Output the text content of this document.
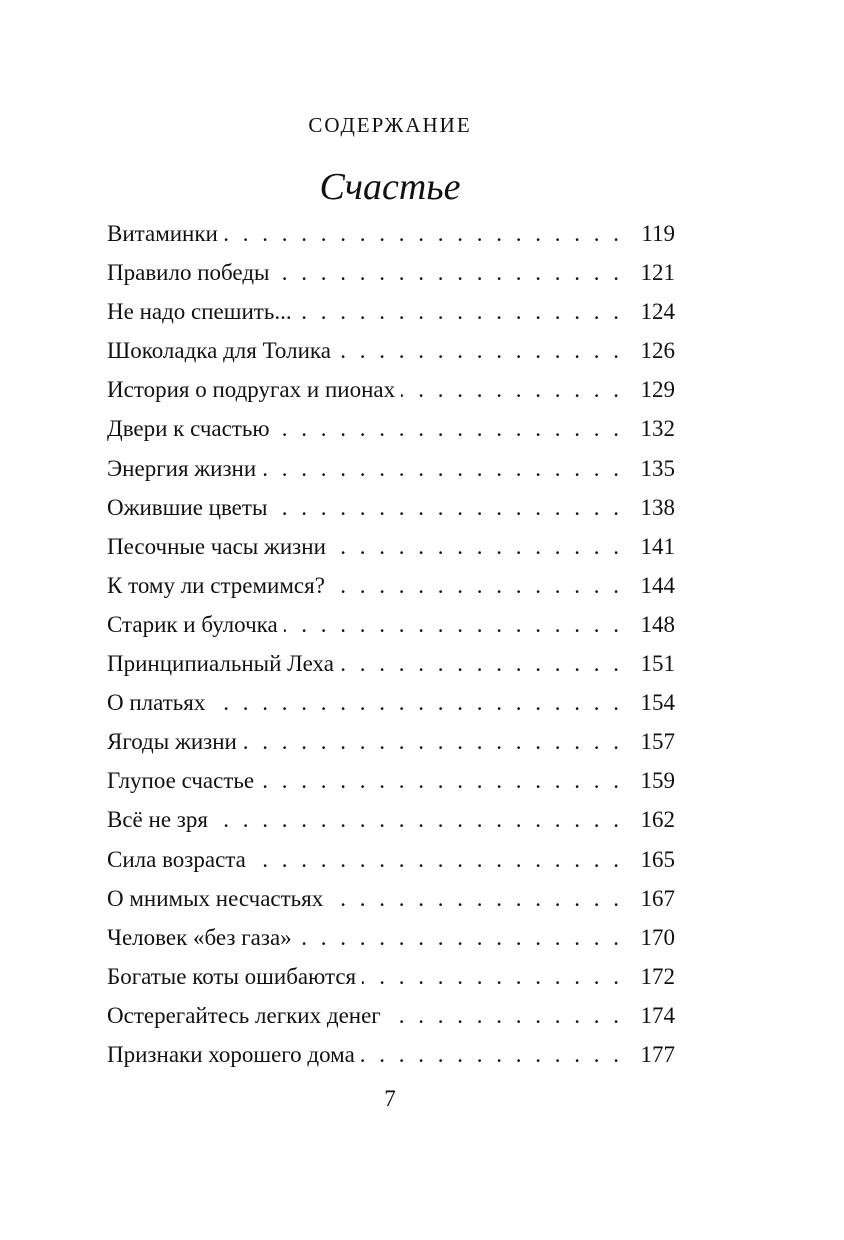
СОДЕРЖАНИЕ
Счастье
Витаминки . . .	119
Правило победы . . .	121
Не надо спешить... . . .	124
Шоколадка для Толика . . .	126
История о подругах и пионах . . .	129
Двери к счастью . . .	132
Энергия жизни . . .	135
Ожившие цветы . . .	138
Песочные часы жизни . . .	141
К тому ли стремимся? . . .	144
Старик и булочка . . .	148
Принципиальный Леха . . .	151
О платьях . . .	154
Ягоды жизни . . .	157
Глупое счастье . . .	159
Всё не зря . . .	162
Сила возраста . . .	165
О мнимых несчастьях . . .	167
Человек «без газа» . . .	170
Богатые коты ошибаются . . .	172
Остерегайтесь легких денег . . .	174
Признаки хорошего дома . . .	177
7
